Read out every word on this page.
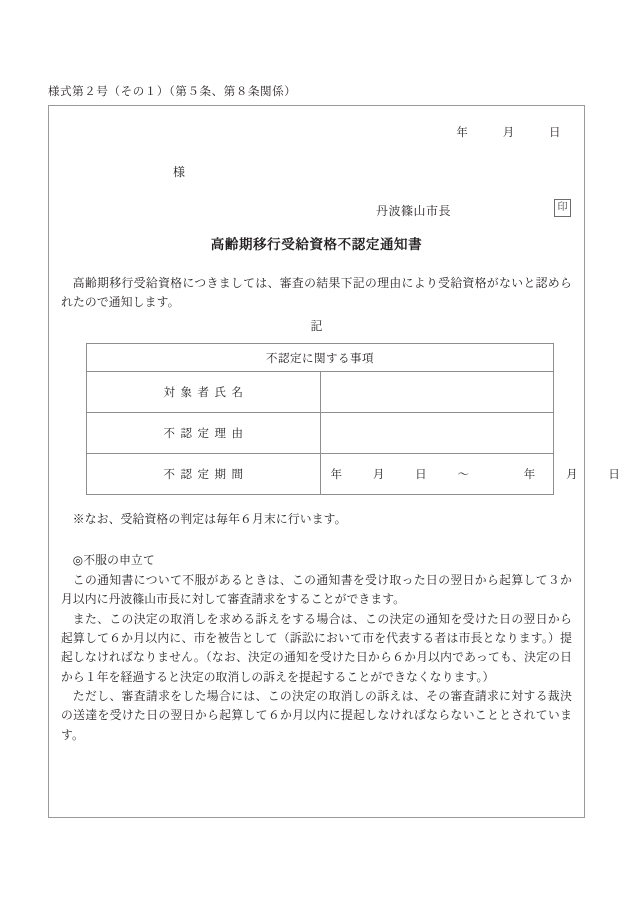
様式第２号（その１）（第５条、第８条関係）
年	月	日
様
丹波篠山市長	印
高齢期移行受給資格不認定通知書
高齢期移行受給資格につきましては、審査の結果下記の理由により受給資格がないと認められたので通知します。
記
不認定に関する事項	

対象者氏名	

不認定理由	

不認定期間	年 月 日 〜 年 月 日
※なお、受給資格の判定は毎年６月末に行います。
◎不服の申立て

この通知書について不服があるときは、この通知書を受け取った日の翌日から起算して３か月以内に丹波篠山市長に対して審査請求をすることができます。

また、この決定の取消しを求める訴えをする場合は、この決定の通知を受けた日の翌日から起算して６か月以内に、市を被告として（訴訟において市を代表する者は市長となります。）提起しなければなりません。（なお、決定の通知を受けた日から６か月以内であっても、決定の日から１年を経過すると決定の取消しの訴えを提起することができなくなります。）

ただし、審査請求をした場合には、この決定の取消しの訴えは、その審査請求に対する裁決の送達を受けた日の翌日から起算して６か月以内に提起しなければならないこととされています。
